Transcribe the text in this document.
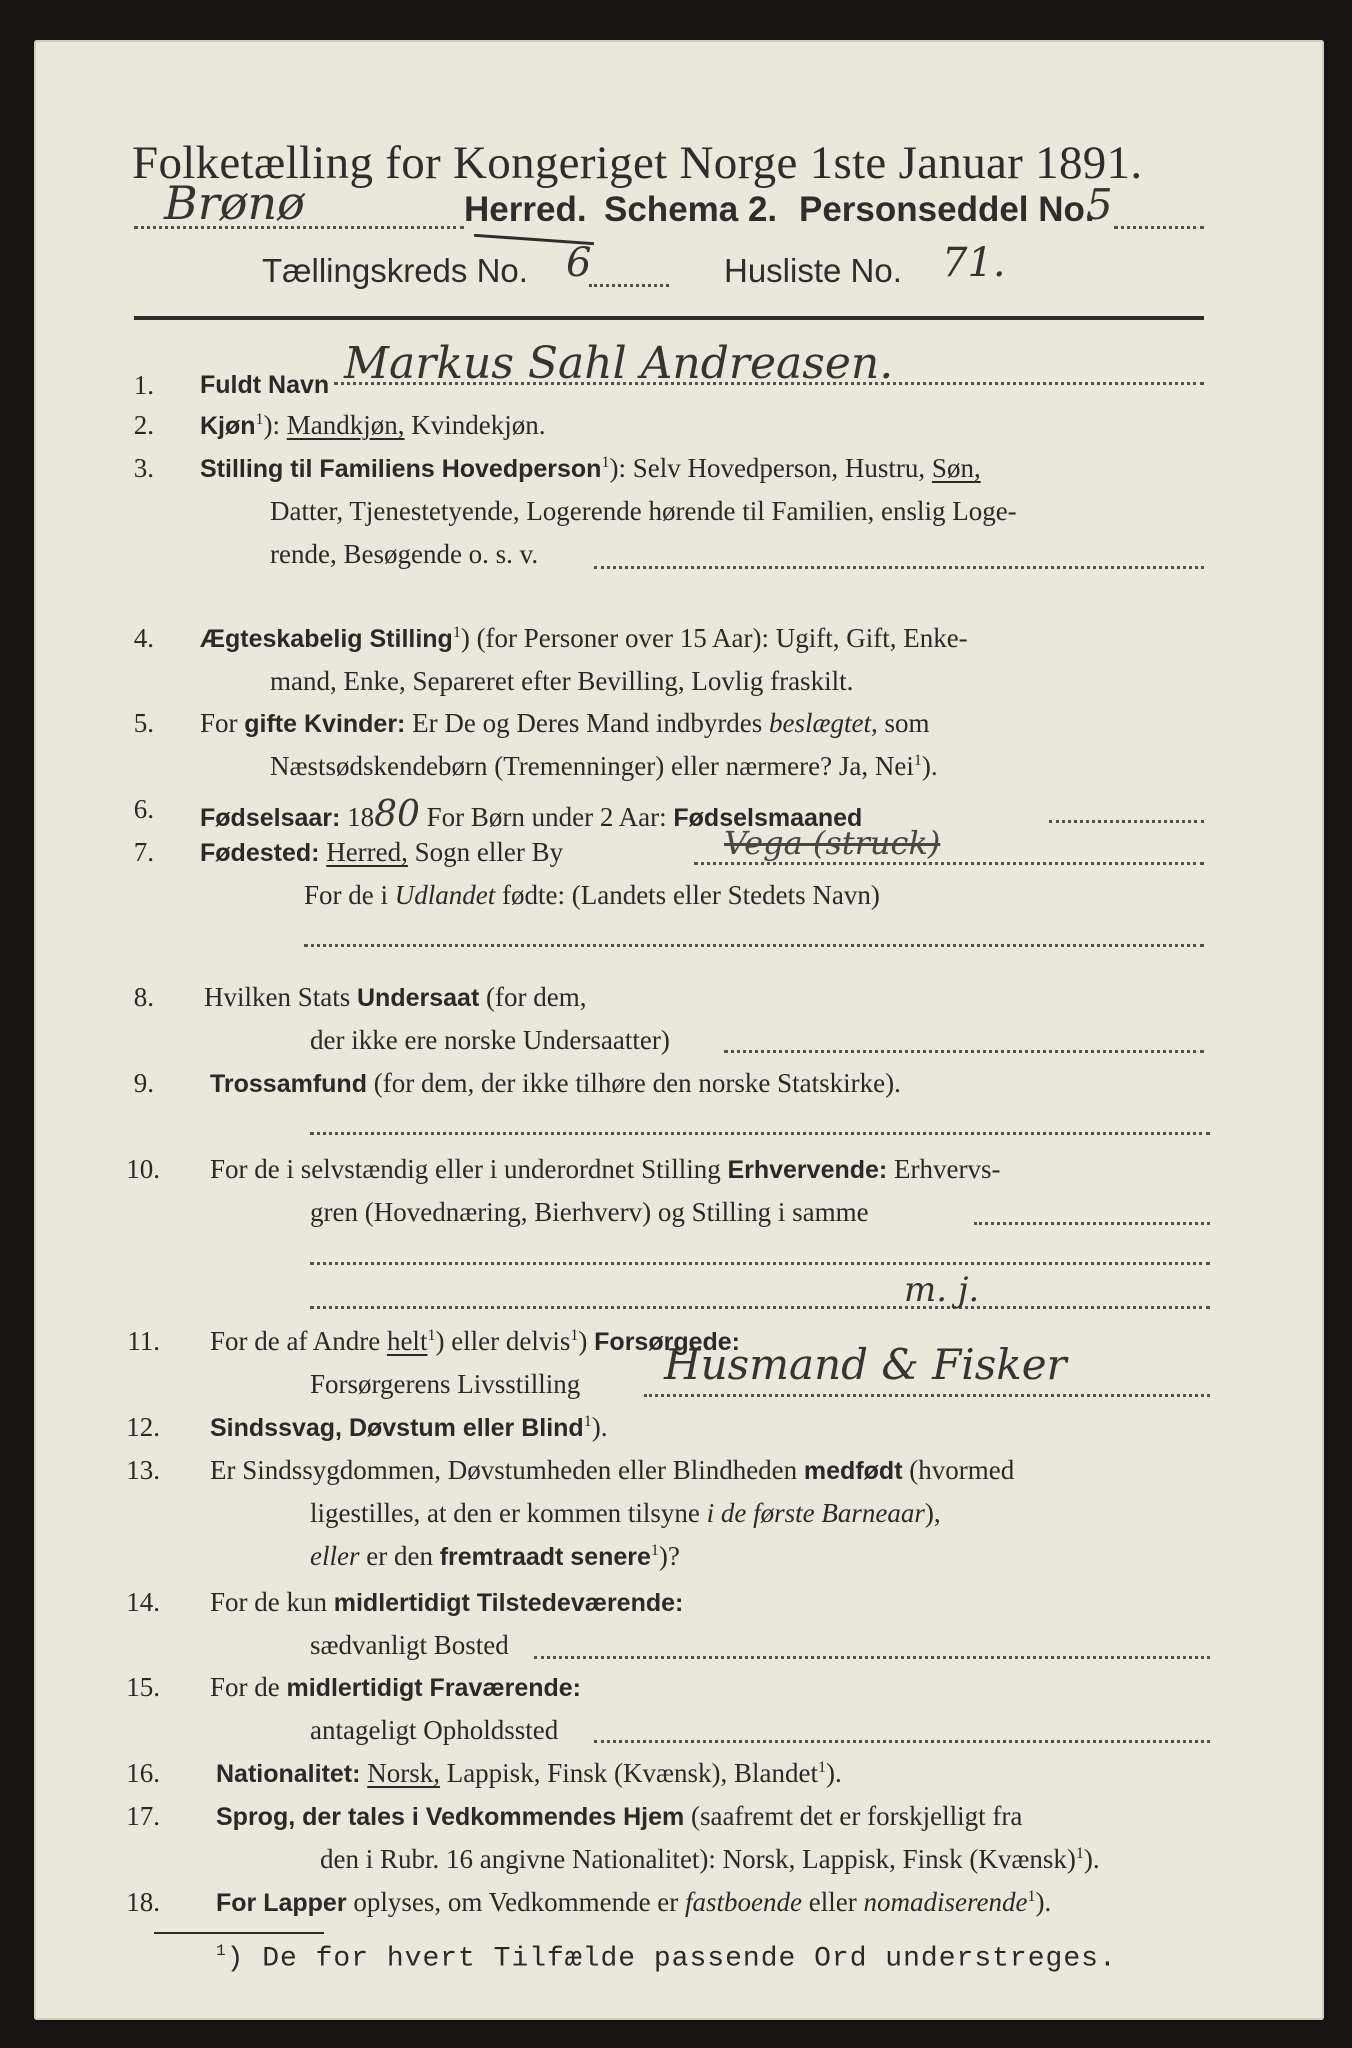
Folketælling for Kongeriget Norge 1ste Januar 1891.
Brønø	Herred. Schema 2. Personseddel No.
5
Tællingskreds No. 6	Husliste No. 71.
1. Fuldt Navn Markus Sahl Andreasen.
2. Kjøn$^1$): Mandkjøn, Kvindekjøn.
3. Stilling til Familiens Hovedperson$^1$): Selv Hovedperson, Hustru, Søn,
Datter, Tjenestetyende, Logerende hørende til Familien, enslig Loge-
rende, Besøgende o. s. v.
4. Ægteskabelig Stilling$^1$) (for Personer over 15 Aar): Ugift, Gift, Enke-
mand, Enke, Separeret efter Bevilling, Lovlig fraskilt.
5. For gifte Kvinder: Er De og Deres Mand indbyrdes beslægtet, som
Næstsødskendebørn (Tremenninger) eller nærmere? Ja, Nei$^1$).
6. Fødselsaar: 1880 For Børn under 2 Aar: Fødselsmaaned
7. Fødested: Herred, Sogn eller By	Vega (struck)
For de i Udlandet fødte: (Landets eller Stedets Navn)
8. Hvilken Stats Undersaat (for dem,
der ikke ere norske Undersaatter)
9. Trossamfund (for dem, der ikke tilhøre den norske Statskirke).
10. For de i selvstændig eller i underordnet Stilling Erhvervende: Erhvervs-
gren (Hovednæring, Bierhverv) og Stilling i samme
11. For de af Andre helt$^1$) eller delvis$^1$) Forsørgede:
m. j.
Forsørgerens Livsstilling Husmand & Fisker
12. Sindssvag, Døvstum eller Blind$^1$).
13. Er Sindssygdommen, Døvstumheden eller Blindheden medfødt (hvormed
ligestilles, at den er kommen tilsyne i de første Barneaar),
eller er den fremtraadt senere$^1$)?
14. For de kun midlertidigt Tilstedeværende:
sædvanligt Bosted
15. For de midlertidigt Fraværende:
antageligt Opholdssted
16. Nationalitet: Norsk, Lappisk, Finsk (Kvænsk), Blandet$^1$).
17. Sprog, der tales i Vedkommendes Hjem (saafremt det er forskjelligt fra
den i Rubr. 16 angivne Nationalitet): Norsk, Lappisk, Finsk (Kvænsk)$^1$).
18. For Lapper oplyses, om Vedkommende er fastboende eller nomadiserende$^1$).
$^1$) De for hvert Tilfælde passende Ord understreges.
